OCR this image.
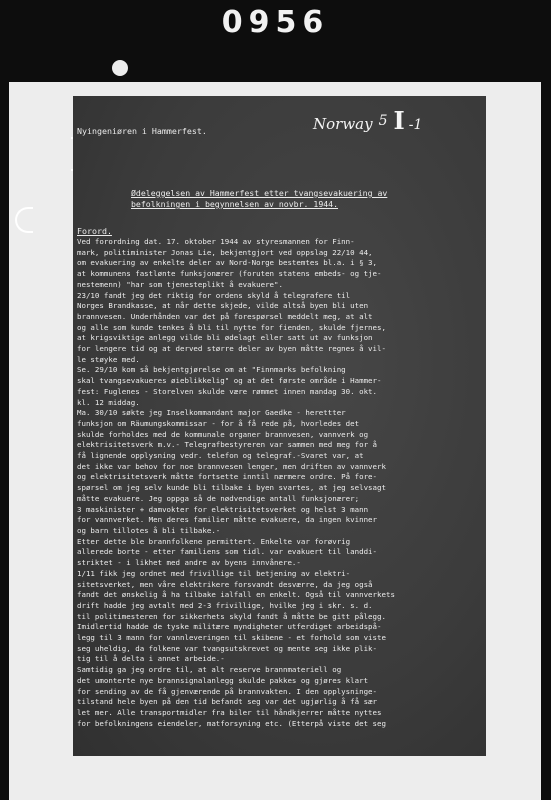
0956
Norway 5 I -1
Nyingeniøren i Hammerfest.
Ødeleggelsen av Hammerfest etter tvangsevakuering av
befolkningen i begynnelsen av novbr. 1944.
Forord.
Ved forordning dat. 17. oktober 1944 av styresmannen for Finn-
mark, politiminister Jonas Lie, bekjentgjort ved oppslag 22/10 44,
om evakuering av enkelte deler av Nord-Norge bestemtes bl.a. i § 3,
at kommunens fastlønte funksjonærer (foruten statens embeds- og tje-
nestemenn) "har som tjenesteplikt å evakuere".
23/10 fandt jeg det riktig for ordens skyld å telegrafere til
Norges Brandkasse, at når dette skjede, vilde altså byen bli uten
brannvesen. Underhånden var det på forespørsel meddelt meg, at alt
og alle som kunde tenkes å bli til nytte for fienden, skulde fjernes,
at krigsviktige anlegg vilde bli ødelagt eller satt ut av funksjon
for lengere tid og at derved større deler av byen måtte regnes å vil-
le støyke med.
Se. 29/10 kom så bekjentgjørelse om at "Finnmarks befolkning
skal tvangsevakueres øieblikkelig" og at det første område i Hammer-
fest: Fuglenes - Storelven skulde være rømmet innen mandag 30. okt.
kl. 12 middag.
Ma. 30/10 søkte jeg Inselkommandant major Gaedke - herettter
funksjon om Räumungskommissar - for å få rede på, hvorledes det
skulde forholdes med de kommunale organer brannvesen, vannverk og
elektrisitetsverk m.v.- Telegrafbestyreren var sammen med meg for å
få lignende opplysning vedr. telefon og telegraf.-Svaret var, at
det ikke var behov for noe brannvesen lenger, men driften av vannverk
og elektrisitetsverk måtte fortsette inntil nærmere ordre. På fore-
spørsel om jeg selv kunde bli tilbake i byen svartes, at jeg selvsagt
måtte evakuere. Jeg oppga så de nødvendige antall funksjonærer;
3 maskinister + damvokter for elektrisitetsverket og helst 3 mann
for vannverket. Men deres familier måtte evakuere, da ingen kvinner
og barn tillotes å bli tilbake.-
Etter dette ble brannfolkene permittert. Enkelte var forøvrig
allerede borte - etter familiens som tidl. var evakuert til landdi-
striktet - i likhet med andre av byens innvånere.-
1/11 fikk jeg ordnet med frivillige til betjening av elektri-
sitetsverket, men våre elektrikere forsvandt desværre, da jeg også
fandt det ønskelig å ha tilbake ialfall en enkelt. Også til vannverkets
drift hadde jeg avtalt med 2-3 frivillige, hvilke jeg i skr. s. d.
til politimesteren for sikkerhets skyld fandt å måtte be gitt pålegg.
Imidlertid hadde de tyske militære myndigheter utferdiget arbeidspå-
legg til 3 mann for vannleveringen til skibene - et forhold som viste
seg uheldig, da folkene var tvangsutskrevet og mente seg ikke plik-
tig til å delta i annet arbeide.-
Samtidig ga jeg ordre til, at alt reserve brannmateriell og
det umonterte nye brannsignalanlegg skulde pakkes og gjøres klart
for sending av de få gjenværende på brannvakten. I den opplysninge-
tilstand hele byen på den tid befandt seg var det ugjørlig å få sær
let mer. Alle transportmidler fra biler til håndkjerrer måtte nyttes
for befolkningens eiendeler, matforsyning etc. (Etterpå viste det seg
